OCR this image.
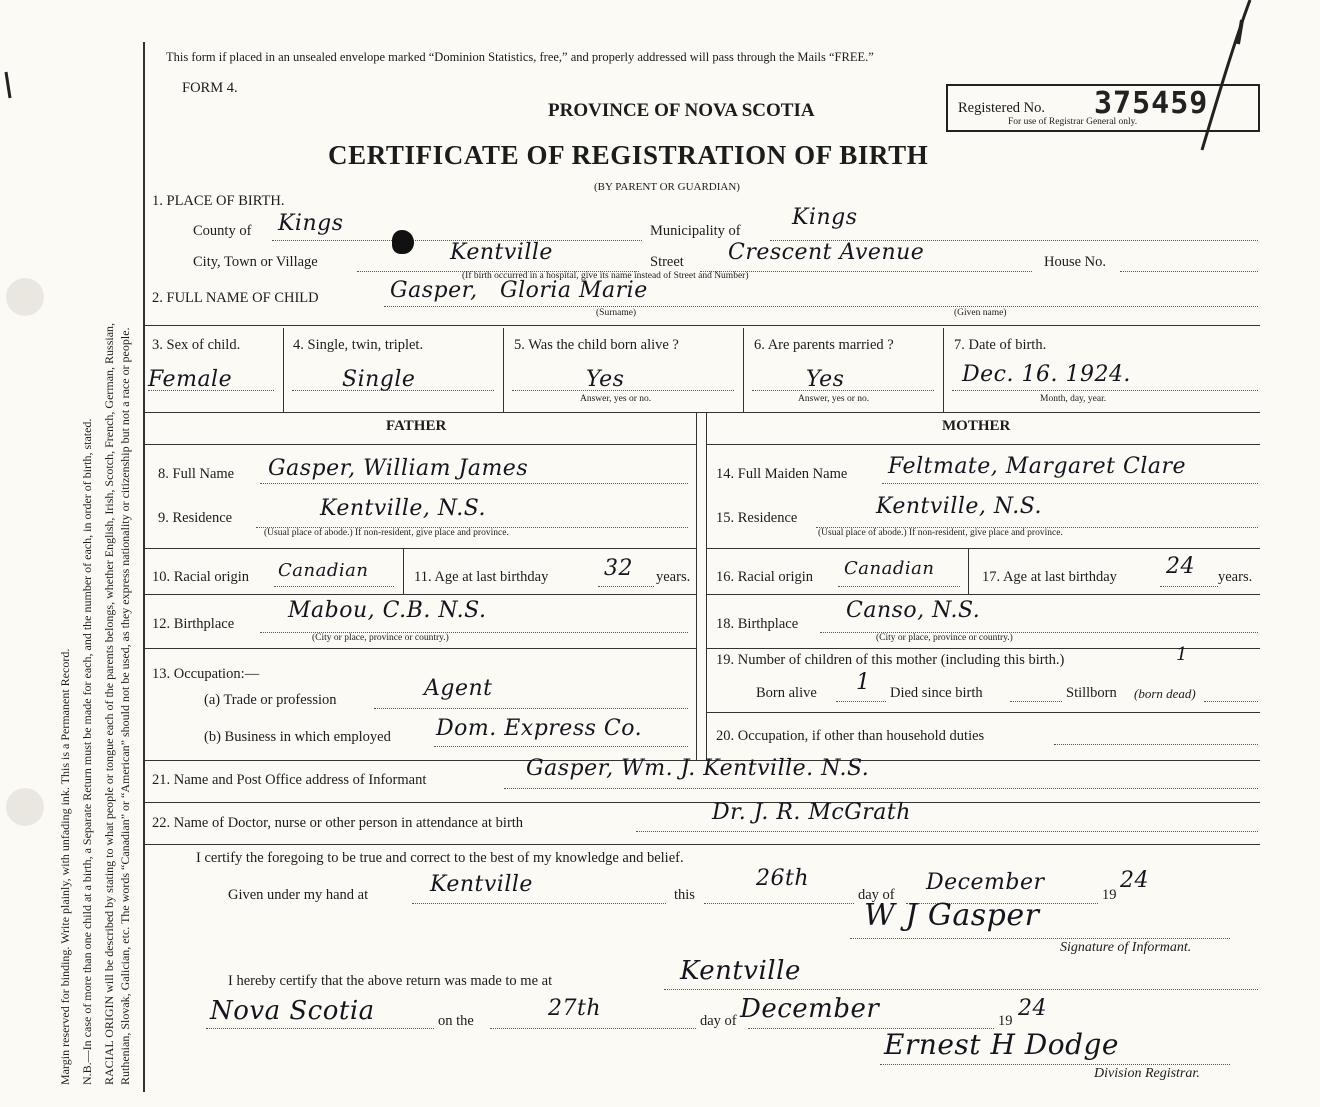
Margin reserved for binding. Write plainly, with unfading ink. This is a Permanent Record. N.B.—In case of more than one child at a birth, a Separate Return must be made for each, and the number of each, in order of birth, stated. RACIAL ORIGIN will be described by stating to what people or tongue each of the parents belongs, whether English, Irish, Scotch, French, German, Russian, Ruthenian, Slovak, Galician, etc. The words “Canadian” or “American” should not be used, as they express nationality or citizenship but not a race or people.
This form if placed in an unsealed envelope marked “Dominion Statistics, free,” and properly addressed will pass through the Mails “FREE.”
FORM 4.
PROVINCE OF NOVA SCOTIA
CERTIFICATE OF REGISTRATION OF BIRTH
(BY PARENT OR GUARDIAN)
Registered No. 375459
For use of Registrar General only.
1. PLACE OF BIRTH.
County of Kings	Municipality of
Kings
City, Town or Village	Kentville	Street Crescent Avenue	House No.
(If birth occurred in a hospital, give its name instead of Street and Number)
2. FULL NAME OF CHILD	Gasper, Gloria Marie
(Surname)	(Given name)
3. Sex of child.
Female
4. Single, twin, triplet.
Single
5. Was the child born alive ?
Yes
Answer, yes or no.
6. Are parents married ?
Yes
Answer, yes or no.
7. Date of birth.
Dec. 16. 1924.
Month, day, year.
FATHER
8. Full Name Gasper, William James
9. Residence	Kentville, N.S.
(Usual place of abode.) If non-resident, give place and province.
10. Racial origin Canadian	11. Age at last birthday	32 years.
12. Birthplace
Mabou, C.B. N.S.
(City or place, province or country.)
13. Occupation:—
(a) Trade or profession	Agent
(b) Business in which employed Dom. Express Co.
MOTHER
14. Full Maiden Name Feltmate, Margaret Clare
15. Residence	Kentville, N.S.
(Usual place of abode.) If non-resident, give place and province.
16. Racial origin Canadian	17. Age at last birthday 24 years.
18. Birthplace
Canso, N.S.
(City or place, province or country.)
19. Number of children of this mother (including this birth.)	1
Born alive 1 Died since birth	Stillborn (born dead)
20. Occupation, if other than household duties
21. Name and Post Office address of Informant	Gasper, Wm. J. Kentville. N.S.
22. Name of Doctor, nurse or other person in attendance at birth	Dr. J. R. McGrath
I certify the foregoing to be true and correct to the best of my knowledge and belief.
Given under my hand at	Kentville	this
26th
day of December	19
24
W J Gasper
Signature of Informant.
I hereby certify that the above return was made to me at	Kentville
Nova Scotia	on the	27th	day of December	19 24
Ernest H Dodge
Division Registrar.
